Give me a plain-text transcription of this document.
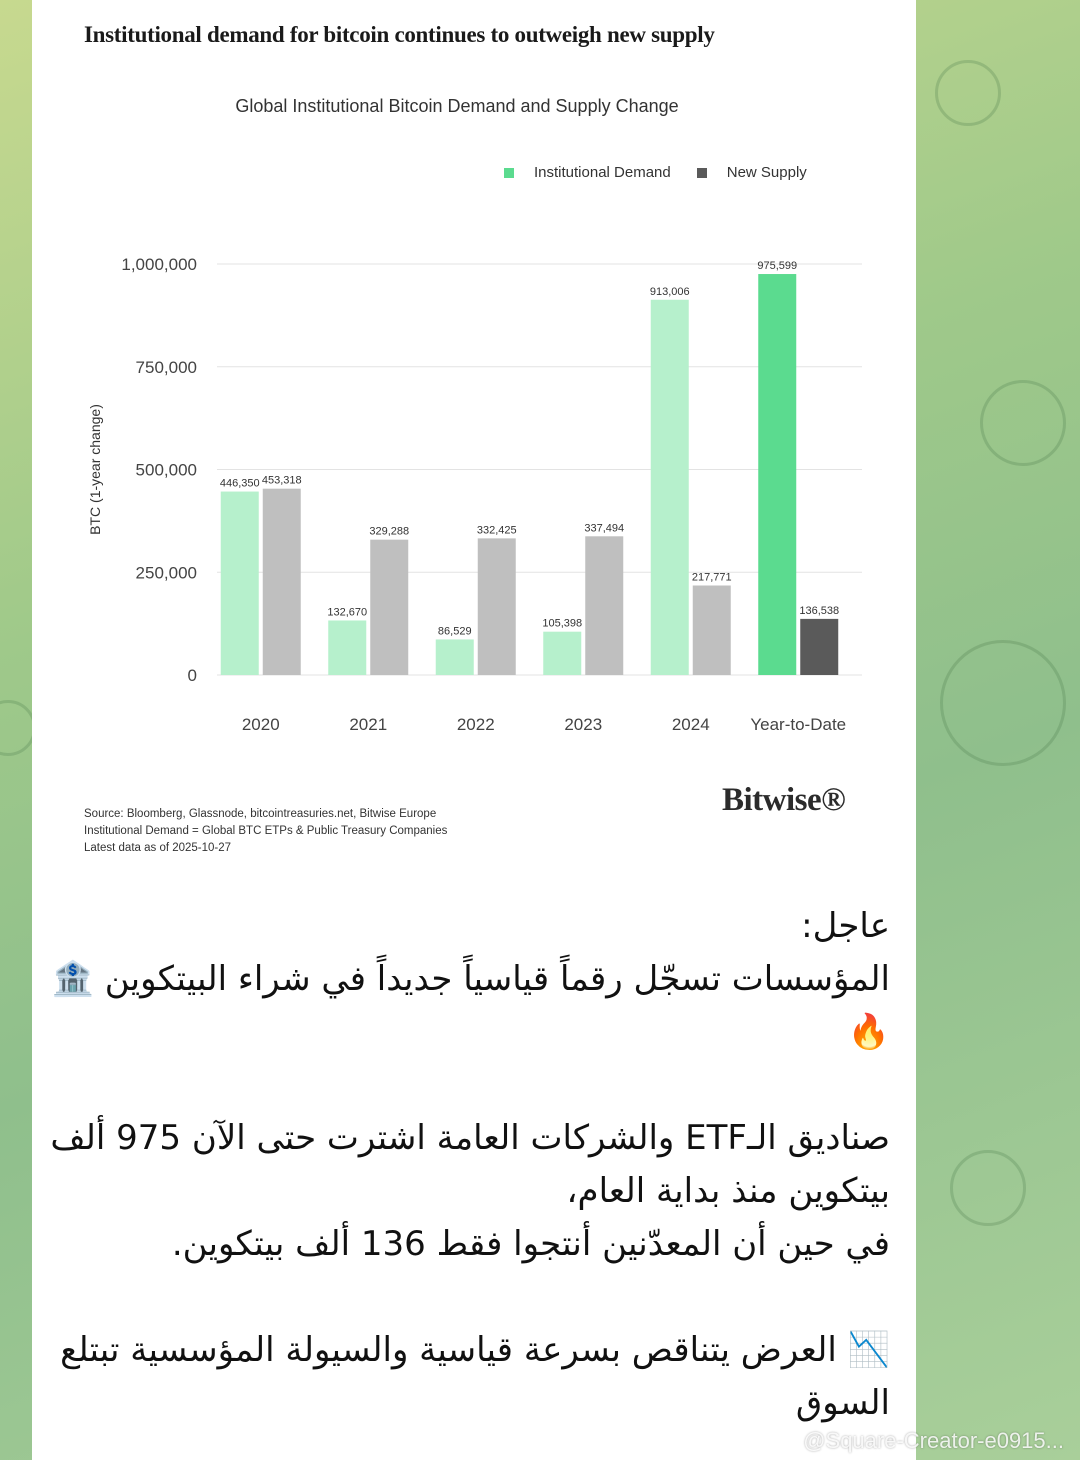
Institutional demand for bitcoin continues to outweigh new supply
Global Institutional Bitcoin Demand and Supply Change
Institutional Demand	New Supply
0
250,000
500,000
750,000
1,000,000
BTC (1-year change)	446,350 453,318
2020
132,670
329,288
2021
86,529
332,425
2022
105,398
337,494
2023
913,006
217,771
2024
975,599
136,538
Year-to-Date
Source: Bloomberg, Glassnode, bitcointreasuries.net, Bitwise Europe
Institutional Demand = Global BTC ETPs & Public Treasury Companies
Latest data as of 2025-10-27
Bitwise®

عاجل:

المؤسسات تسجّل رقماً قياسياً جديداً في شراء البيتكوين 🏦🔥

صناديق الـETF والشركات العامة اشترت حتى الآن 975 ألف بيتكوين منذ بداية العام،

في حين أن المعدّنين أنتجوا فقط 136 ألف بيتكوين.

📉 العرض يتناقص بسرعة قياسية والسيولة المؤسسية تبتلع السوق

@Square-Creator-e0915...
